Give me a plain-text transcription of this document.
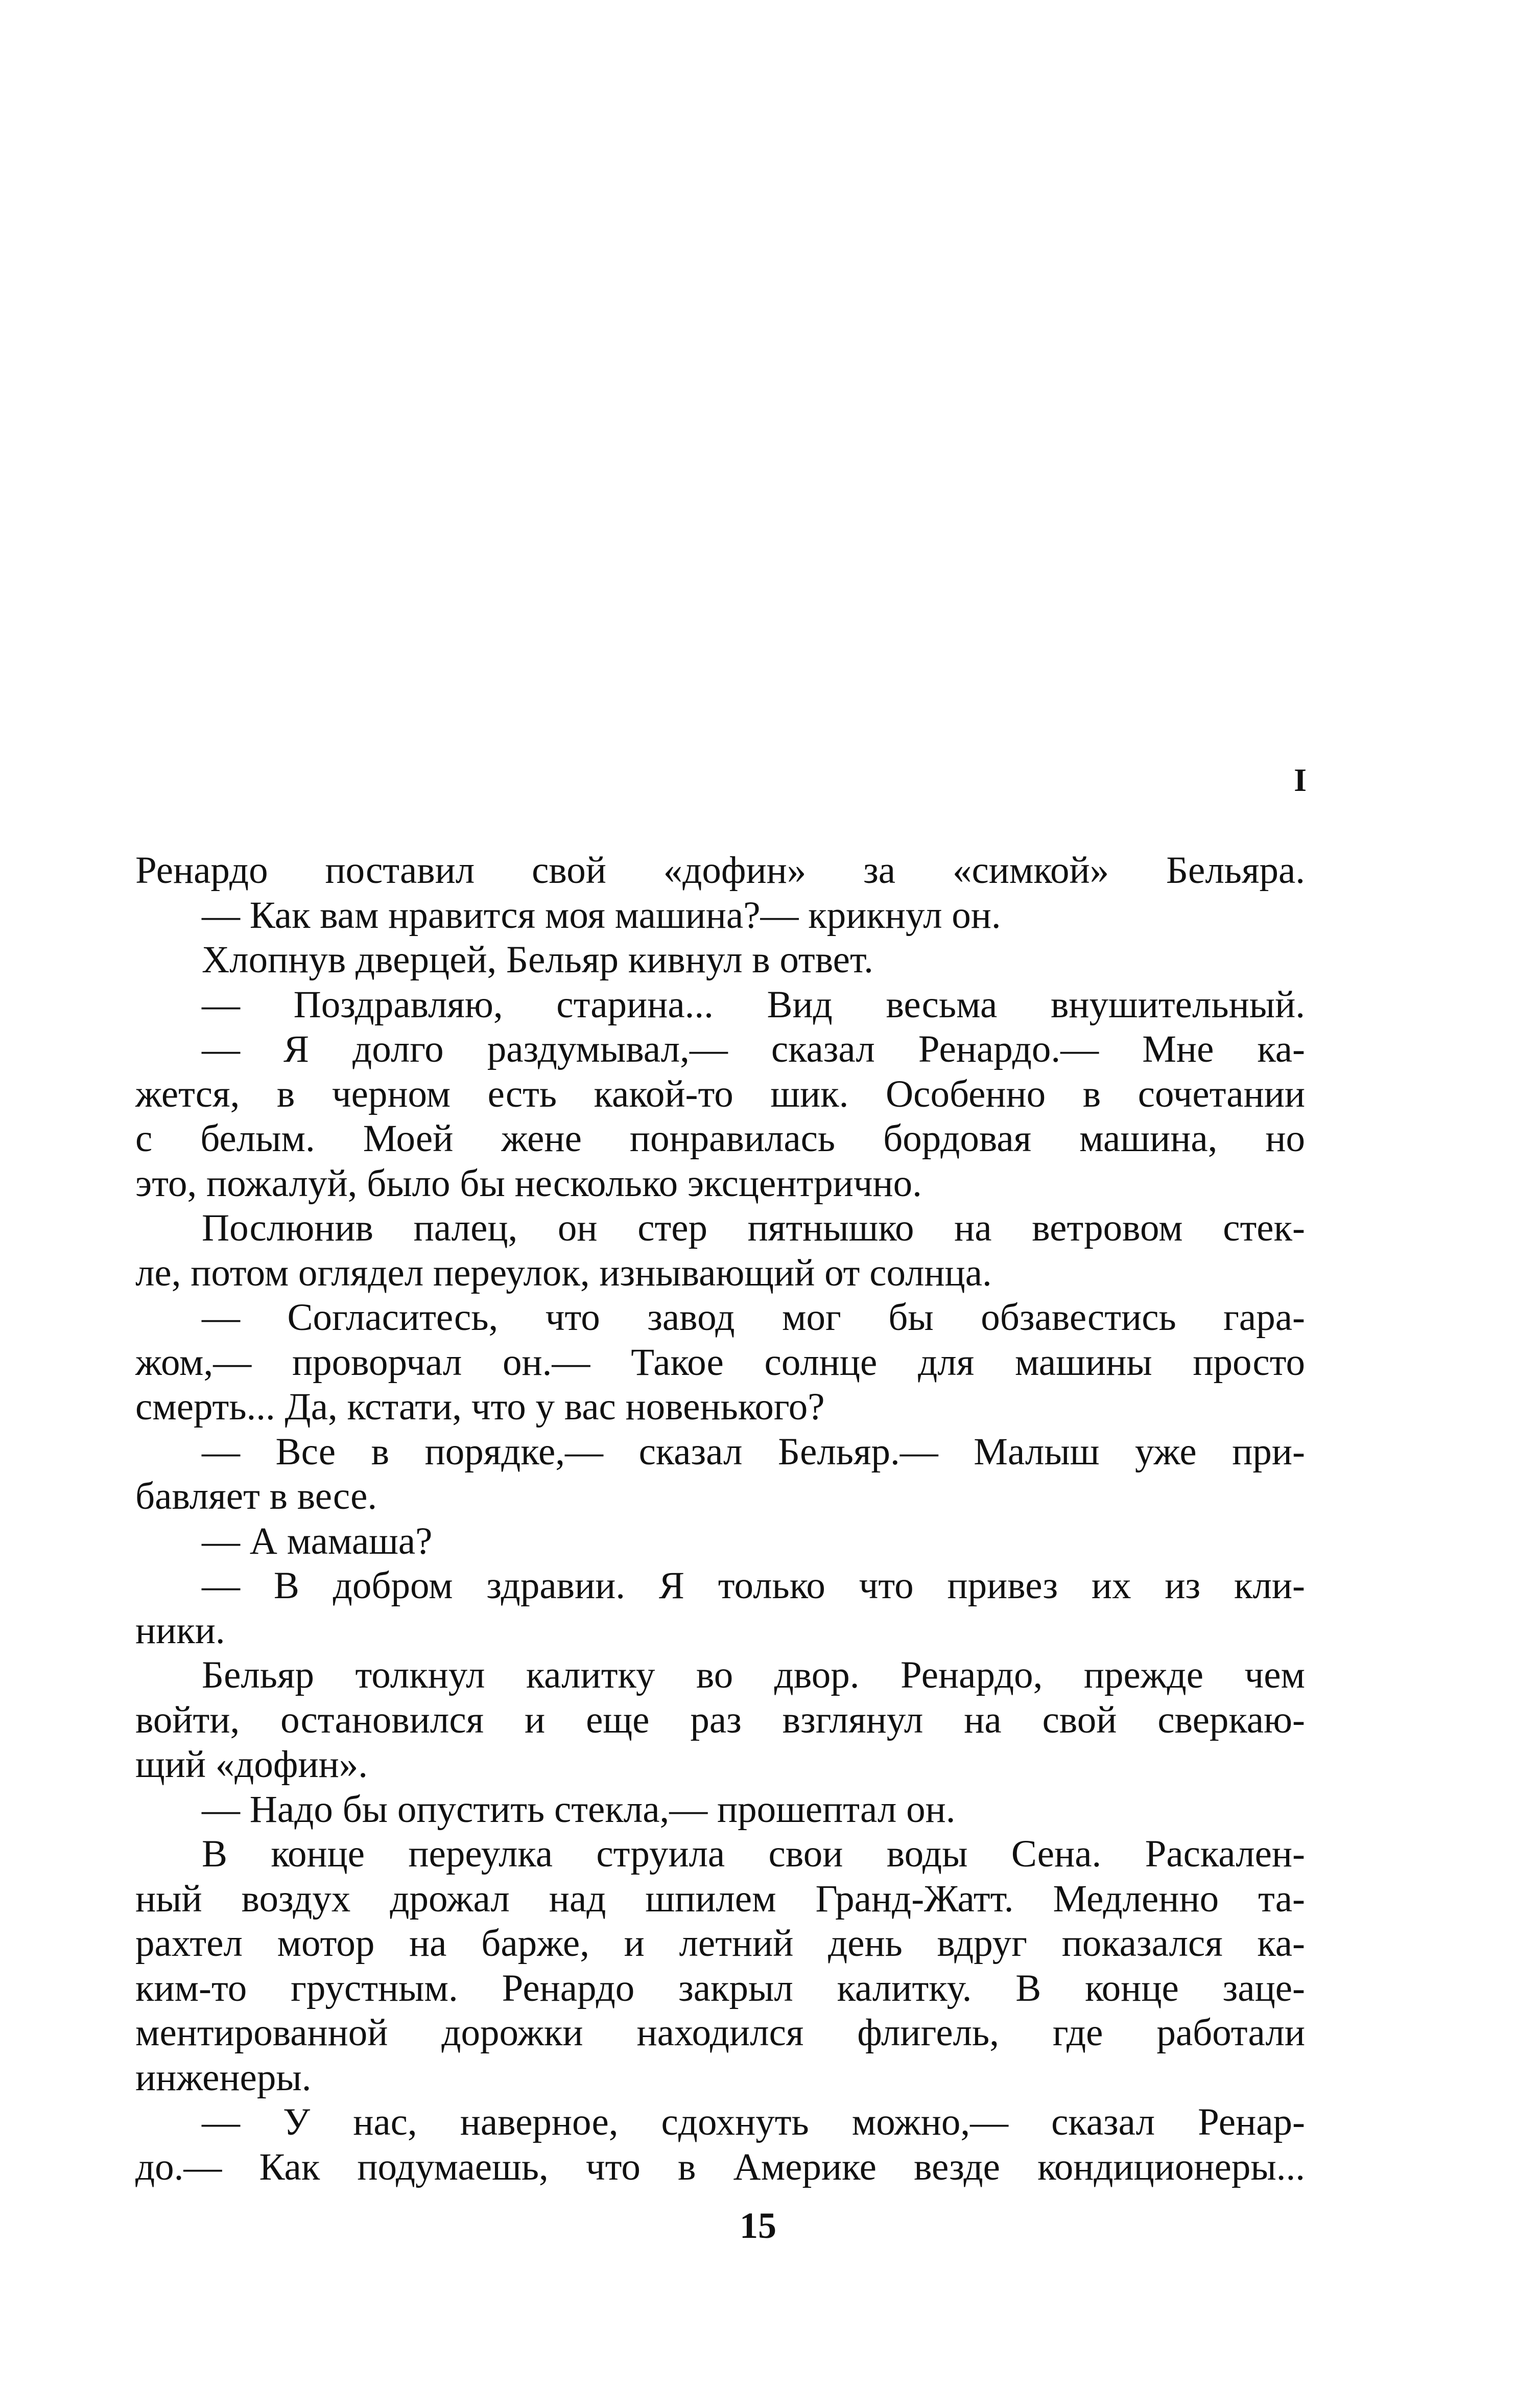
I
Ренардо поставил свой «дофин» за «симкой» Бельяра.
— Как вам нравится моя машина?— крикнул он.
Хлопнув дверцей, Бельяр кивнул в ответ.
— Поздравляю, старина... Вид весьма внушительный.
— Я долго раздумывал,— сказал Ренардо.— Мне ка-
жется, в черном есть какой-то шик. Особенно в сочетании
с белым. Моей жене понравилась бордовая машина, но
это, пожалуй, было бы несколько эксцентрично.
Послюнив палец, он стер пятнышко на ветровом стек-
ле, потом оглядел переулок, изнывающий от солнца.
— Согласитесь, что завод мог бы обзавестись гара-
жом,— проворчал он.— Такое солнце для машины просто
смерть... Да, кстати, что у вас новенького?
— Все в порядке,— сказал Бельяр.— Малыш уже при-
бавляет в весе.
— А мамаша?
— В добром здравии. Я только что привез их из кли-
ники.
Бельяр толкнул калитку во двор. Ренардо, прежде чем
войти, остановился и еще раз взглянул на свой сверкаю-
щий «дофин».
— Надо бы опустить стекла,— прошептал он.
В конце переулка струила свои воды Сена. Раскален-
ный воздух дрожал над шпилем Гранд-Жатт. Медленно та-
рахтел мотор на барже, и летний день вдруг показался ка-
ким-то грустным. Ренардо закрыл калитку. В конце заце-
ментированной дорожки находился флигель, где работали
инженеры.
— У нас, наверное, сдохнуть можно,— сказал Ренар-
до.— Как подумаешь, что в Америке везде кондиционеры...
15
